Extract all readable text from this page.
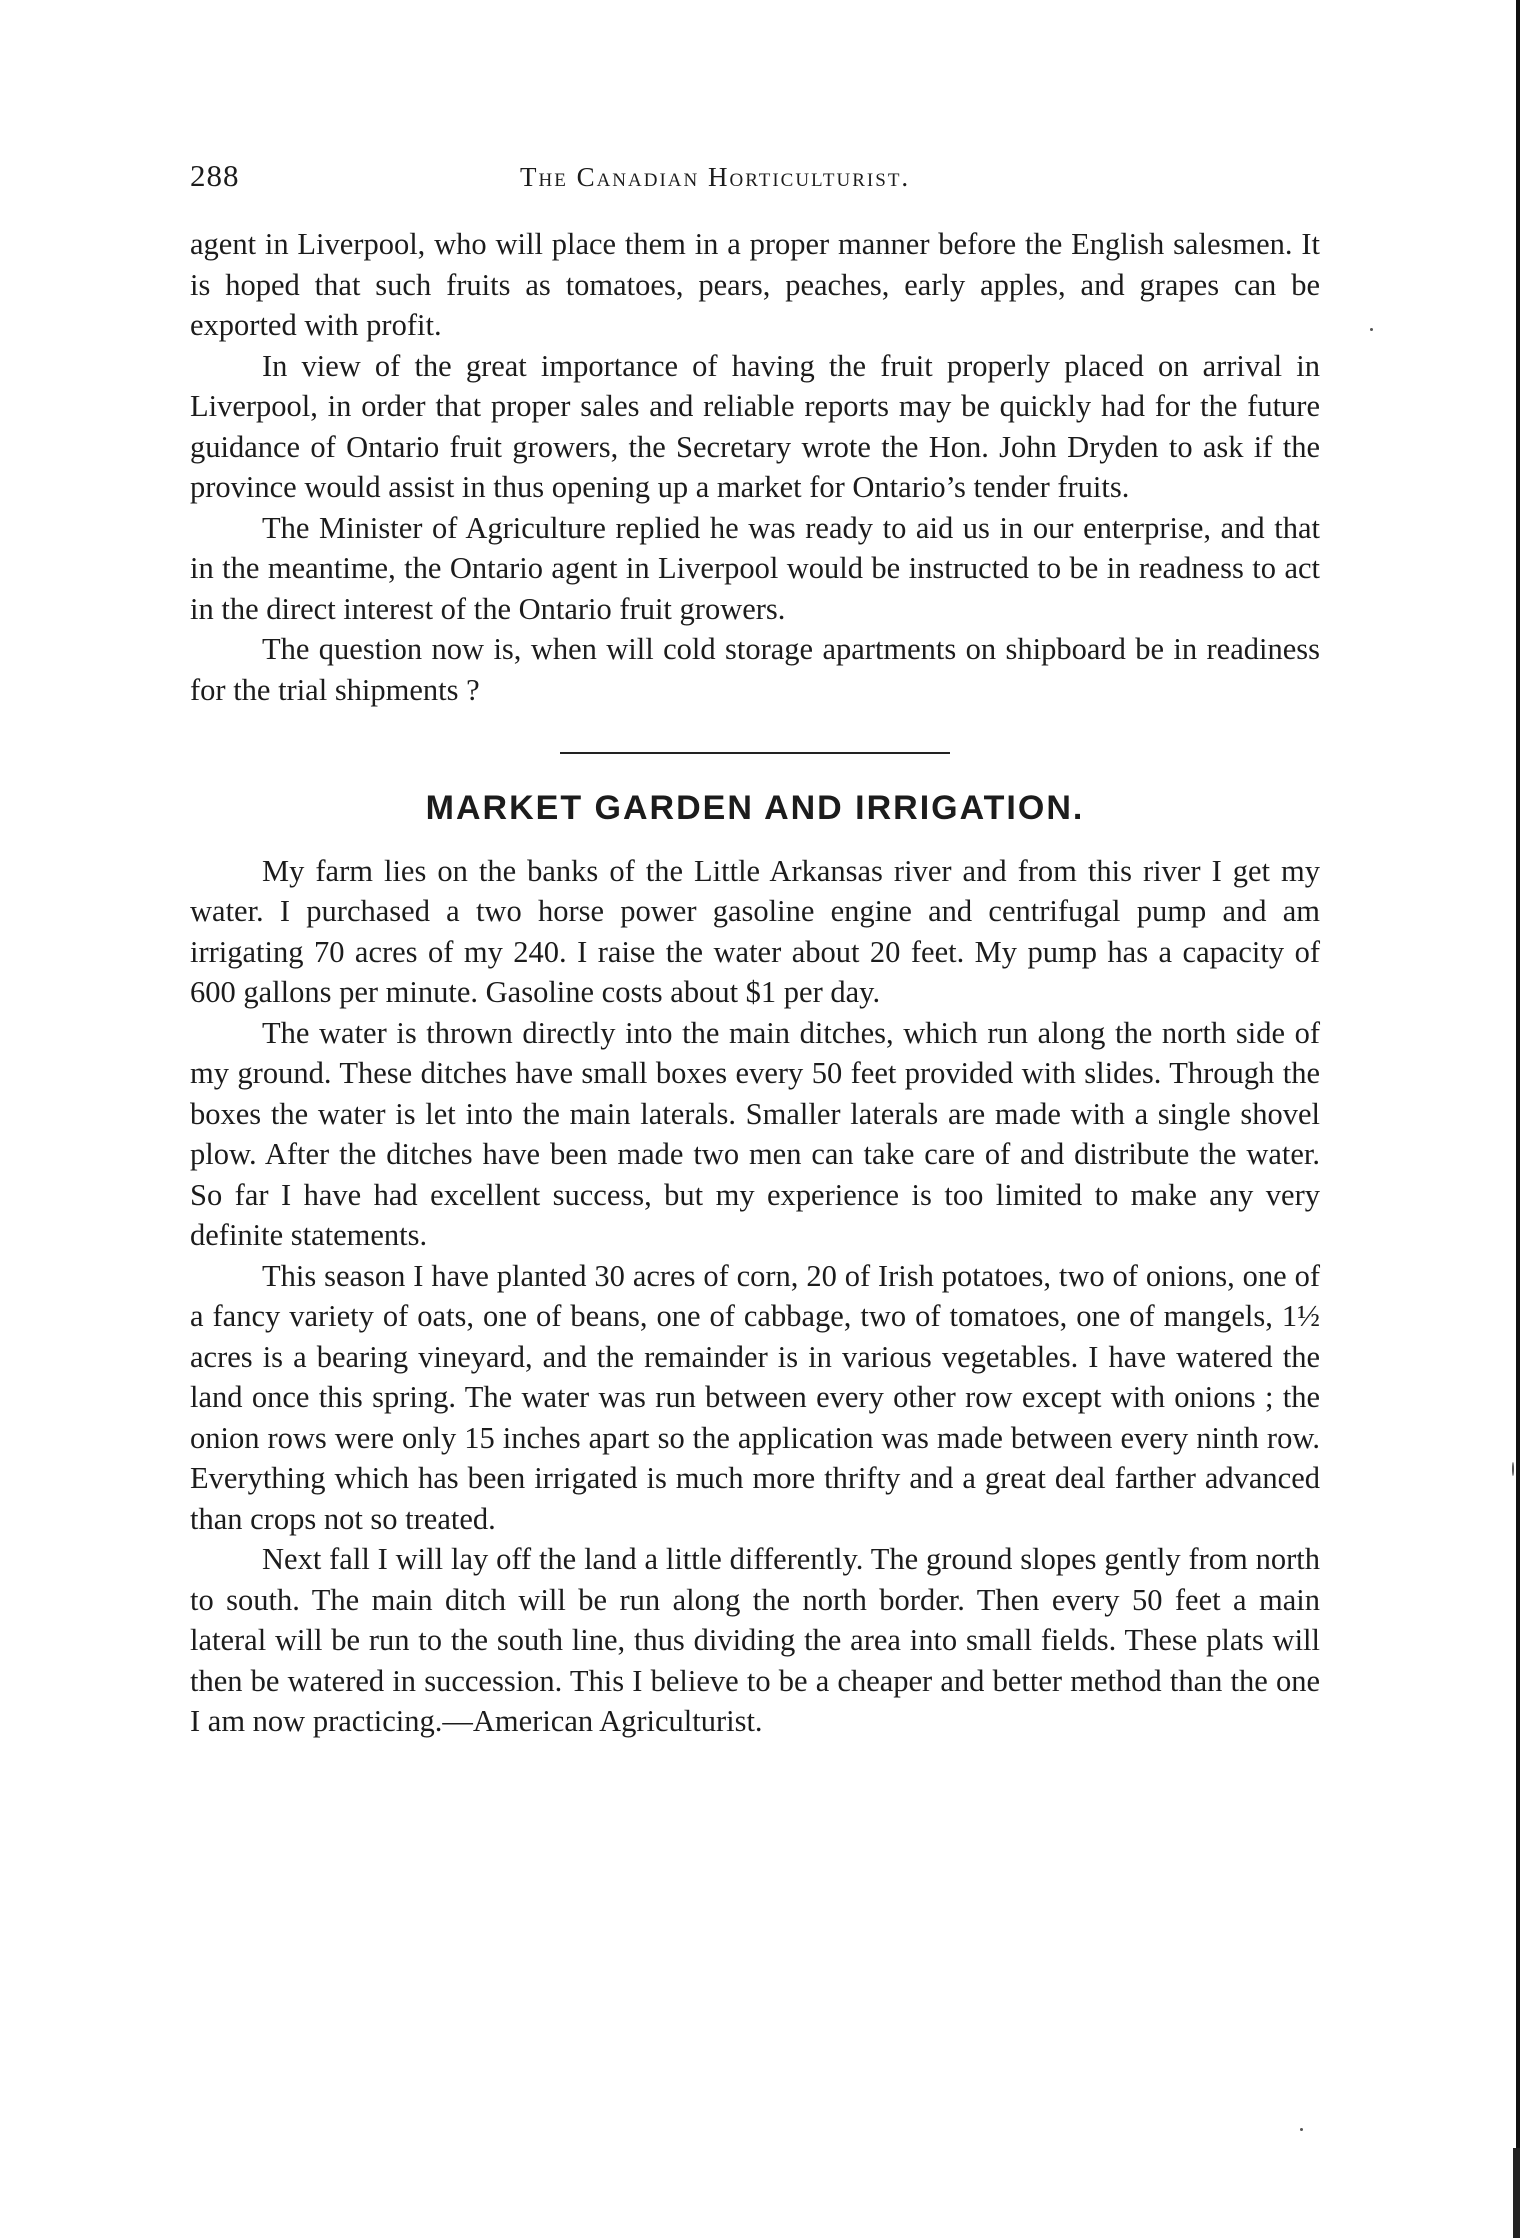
288	The Canadian Horticulturist.

agent in Liverpool, who will place them in a proper manner before the English salesmen. It is hoped that such fruits as tomatoes, pears, peaches, early apples, and grapes can be exported with profit.

In view of the great importance of having the fruit properly placed on arrival in Liverpool, in order that proper sales and reliable reports may be quickly had for the future guidance of Ontario fruit growers, the Secretary wrote the Hon. John Dryden to ask if the province would assist in thus opening up a market for Ontario’s tender fruits.

The Minister of Agriculture replied he was ready to aid us in our enterprise, and that in the meantime, the Ontario agent in Liverpool would be instructed to be in readness to act in the direct interest of the Ontario fruit growers.

The question now is, when will cold storage apartments on shipboard be in readiness for the trial shipments ?

MARKET GARDEN AND IRRIGATION.

My farm lies on the banks of the Little Arkansas river and from this river I get my water. I purchased a two horse power gasoline engine and centrifugal pump and am irrigating 70 acres of my 240. I raise the water about 20 feet. My pump has a capacity of 600 gallons per minute. Gasoline costs about $1 per day.

The water is thrown directly into the main ditches, which run along the north side of my ground. These ditches have small boxes every 50 feet provided with slides. Through the boxes the water is let into the main laterals. Smaller laterals are made with a single shovel plow. After the ditches have been made two men can take care of and distribute the water. So far I have had excellent success, but my experience is too limited to make any very definite statements.

This season I have planted 30 acres of corn, 20 of Irish potatoes, two of onions, one of a fancy variety of oats, one of beans, one of cabbage, two of tomatoes, one of mangels, 1½ acres is a bearing vineyard, and the remainder is in various vegetables. I have watered the land once this spring. The water was run between every other row except with onions ; the onion rows were only 15 inches apart so the application was made between every ninth row. Everything which has been irrigated is much more thrifty and a great deal farther advanced than crops not so treated.

Next fall I will lay off the land a little differently. The ground slopes gently from north to south. The main ditch will be run along the north border. Then every 50 feet a main lateral will be run to the south line, thus dividing the area into small fields. These plats will then be watered in succession. This I believe to be a cheaper and better method than the one I am now practicing.—American Agriculturist.
